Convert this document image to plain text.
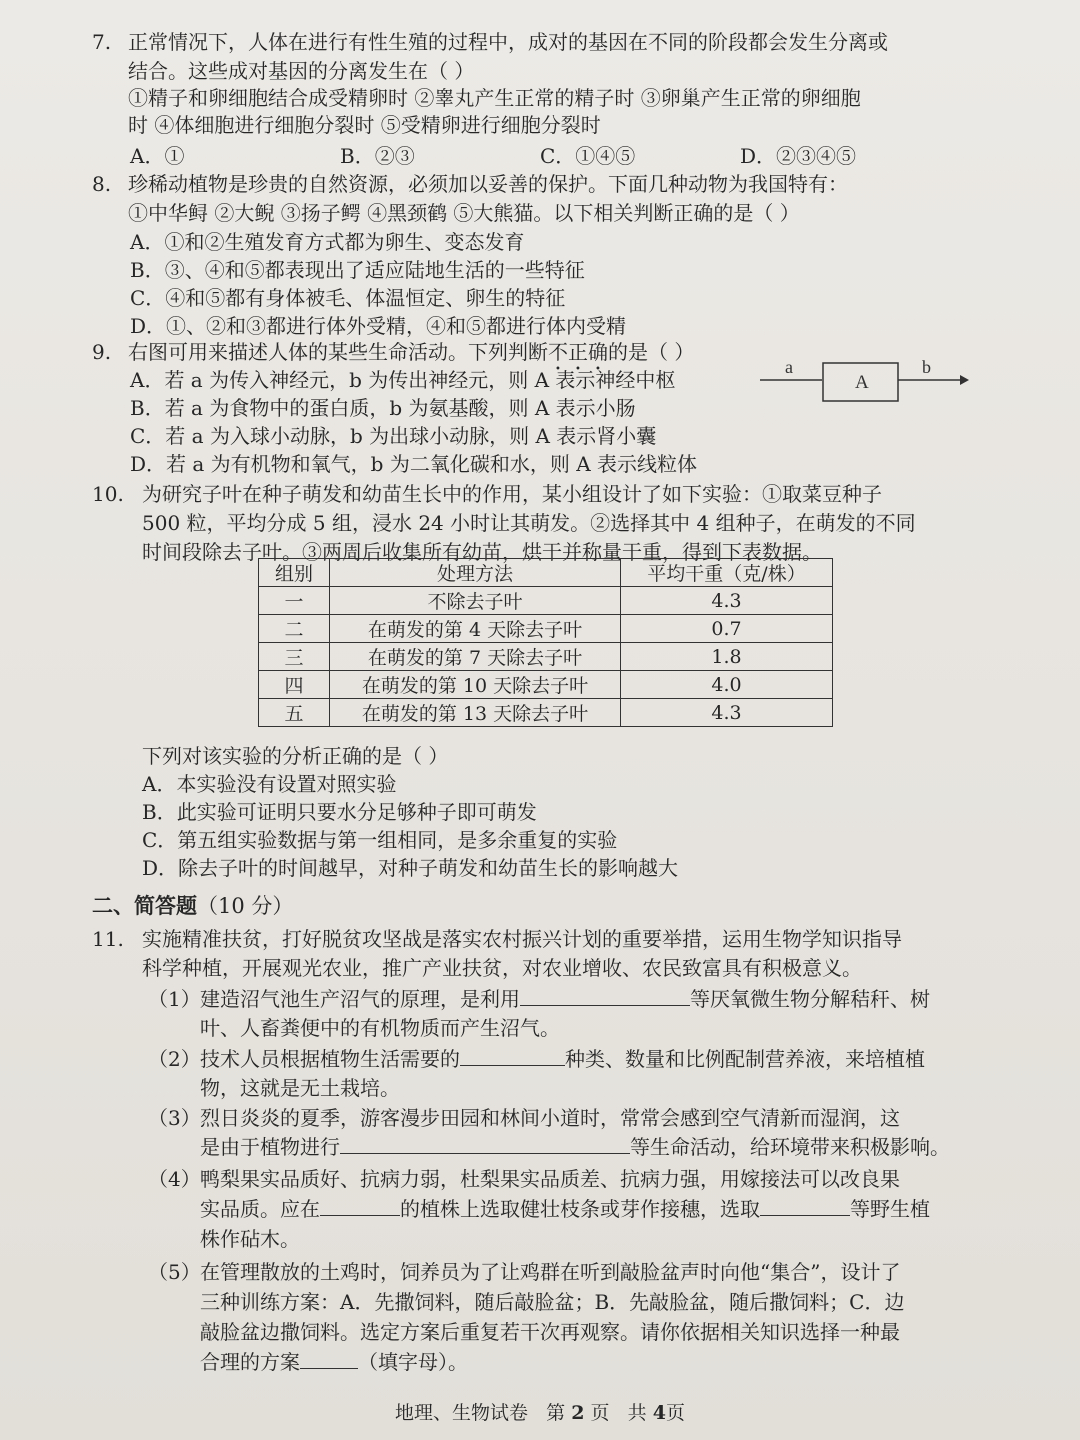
7. 正常情况下，人体在进行有性生殖的过程中，成对的基因在不同的阶段都会发生分离或
结合。这些成对基因的分离发生在（ ）
①精子和卵细胞结合成受精卵时 ②睾丸产生正常的精子时 ③卵巢产生正常的卵细胞
时 ④体细胞进行细胞分裂时 ⑤受精卵进行细胞分裂时
A．①	B．②③	C．①④⑤	D．②③④⑤
8. 珍稀动植物是珍贵的自然资源，必须加以妥善的保护。下面几种动物为我国特有：
①中华鲟 ②大鲵 ③扬子鳄 ④黑颈鹤 ⑤大熊猫。以下相关判断正确的是（ ）
A．①和②生殖发育方式都为卵生、变态发育
B．③、④和⑤都表现出了适应陆地生活的一些特征
C．④和⑤都有身体被毛、体温恒定、卵生的特征
D．①、②和③都进行体外受精，④和⑤都进行体内受精
9. 右图可用来描述人体的某些生命活动。下列判断不正确的是（ ）
A．若 a 为传入神经元，b 为传出神经元，则 A 表示神经中枢
B．若 a 为食物中的蛋白质，b 为氨基酸，则 A 表示小肠
C．若 a 为入球小动脉，b 为出球小动脉，则 A 表示肾小囊
D．若 a 为有机物和氧气，b 为二氧化碳和水，则 A 表示线粒体
a
A
b
10. 为研究子叶在种子萌发和幼苗生长中的作用，某小组设计了如下实验：①取菜豆种子
500 粒，平均分成 5 组，浸水 24 小时让其萌发。②选择其中 4 组种子，在萌发的不同
时间段除去子叶。③两周后收集所有幼苗，烘干并称量干重，得到下表数据。
组别	处理方法	平均干重（克/株）
一	不除去子叶	4.3
二	在萌发的第 4 天除去子叶	0.7
三	在萌发的第 7 天除去子叶	1.8
四	在萌发的第 10 天除去子叶	4.0
五	在萌发的第 13 天除去子叶	4.3
下列对该实验的分析正确的是（ ）
A．本实验没有设置对照实验
B．此实验可证明只要水分足够种子即可萌发
C．第五组实验数据与第一组相同，是多余重复的实验
D．除去子叶的时间越早，对种子萌发和幼苗生长的影响越大
二、简答题（10 分）
11. 实施精准扶贫，打好脱贫攻坚战是落实农村振兴计划的重要举措，运用生物学知识指导
科学种植，开展观光农业，推广产业扶贫，对农业增收、农民致富具有积极意义。
（1） 建造沼气池生产沼气的原理，是利用	等厌氧微生物分解秸秆、树
叶、人畜粪便中的有机物质而产生沼气。
（2） 技术人员根据植物生活需要的	种类、数量和比例配制营养液，来培植植
物，这就是无土栽培。
（3） 烈日炎炎的夏季，游客漫步田园和林间小道时，常常会感到空气清新而湿润，这
是由于植物进行	等生命活动，给环境带来积极影响。
（4） 鸭梨果实品质好、抗病力弱，杜梨果实品质差、抗病力强，用嫁接法可以改良果
实品质。应在	的植株上选取健壮枝条或芽作接穗，选取	等野生植
株作砧木。
（5） 在管理散放的土鸡时，饲养员为了让鸡群在听到敲脸盆声时向他“集合”，设计了
三种训练方案：A．先撒饲料，随后敲脸盆；B．先敲脸盆，随后撒饲料；C．边
敲脸盆边撒饲料。选定方案后重复若干次再观察。请你依据相关知识选择一种最
合理的方案	（填字母）。
地理、生物试卷 第 2 页 共 4页
